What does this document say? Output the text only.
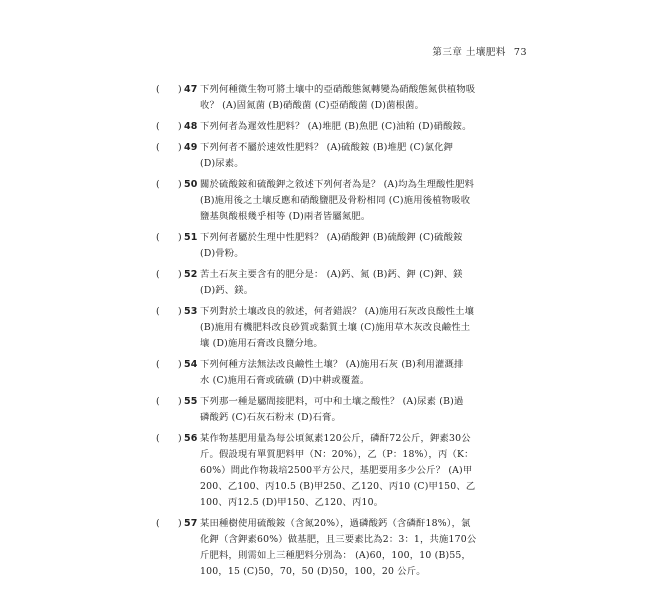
第三章 土壤肥料 73
( ) 47 下列何種微生物可將土壤中的亞硝酸態氮轉變為硝酸態氮供植物吸
收？ (A)固氮菌 (B)硝酸菌 (C)亞硝酸菌 (D)菌根菌。
( ) 48 下列何者為遲效性肥料？ (A)堆肥 (B)魚肥 (C)油粕 (D)硝酸銨。
( ) 49 下列何者不屬於速效性肥料？ (A)硫酸銨 (B)堆肥 (C)氯化鉀
(D)尿素。
( ) 50 關於硫酸銨和硫酸鉀之敘述下列何者為是？ (A)均為生理酸性肥料
(B)施用後之土壤反應和硝酸鹽肥及骨粉相同 (C)施用後植物吸收
鹽基與酸根幾乎相等 (D)兩者皆屬氮肥。
( ) 51 下列何者屬於生理中性肥料？ (A)硝酸鉀 (B)硫酸鉀 (C)硫酸銨
(D)骨粉。
( ) 52 苦土石灰主要含有的肥分是： (A)鈣、氮 (B)鈣、鉀 (C)鉀、鎂
(D)鈣、鎂。
( ) 53 下列對於土壤改良的敘述，何者錯誤？ (A)施用石灰改良酸性土壤
(B)施用有機肥料改良砂質或黏質土壤 (C)施用草木灰改良鹼性土
壤 (D)施用石膏改良鹽分地。
( ) 54 下列何種方法無法改良鹼性土壤？ (A)施用石灰 (B)利用灌溉排
水 (C)施用石膏或硫磺 (D)中耕或覆蓋。
( ) 55 下列那一種是屬間接肥料，可中和土壤之酸性？ (A)尿素 (B)過
磷酸鈣 (C)石灰石粉末 (D)石膏。
( ) 56 某作物基肥用量為每公頃氮素120公斤，磷酐72公斤，鉀素30公
斤。假設現有單質肥料甲（N：20%），乙（P：18%），丙（K：
60%）問此作物栽培2500平方公尺，基肥要用多少公斤？ (A)甲
200、乙100、丙10.5 (B)甲250、乙120、丙10 (C)甲150、乙
100、丙12.5 (D)甲150、乙120、丙10。
( ) 57 某田種樹使用硫酸銨（含氮20%），過磷酸鈣（含磷酐18%），氯
化鉀（含鉀素60%）做基肥，且三要素比為2：3：1，共施170公
斤肥料，則需如上三種肥料分別為： (A)60，100，10 (B)55，
100，15 (C)50，70，50 (D)50，100，20 公斤。
